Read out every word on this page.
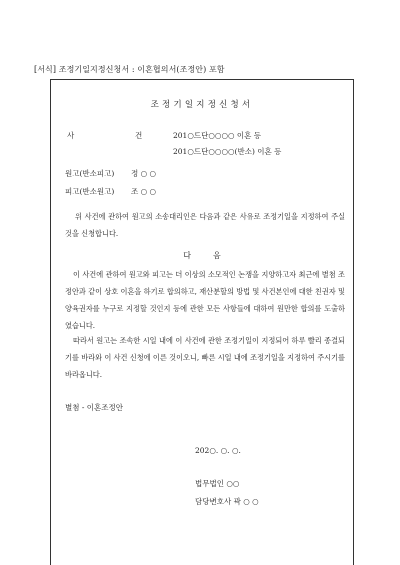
[서식] 조정기일지정신청서 : 이혼협의서(조정안) 포함
조정기일지정신청서
사	건	201○드단○○○○ 이혼 등
201○드단○○○○(반소) 이혼 등
원고(반소피고) 정 ○ ○
피고(반소원고) 조 ○ ○
위 사건에 관하여 원고의 소송대리인은 다음과 같은 사유로 조정기일을 지정하여 주실 것을 신청합니다.
다	음
이 사건에 관하여 원고와 피고는 더 이상의 소모적인 논쟁을 지양하고자 최근에 별첨 조정안과 같이 상호 이혼을 하기로 합의하고, 재산분할의 방법 및 사건본인에 대한 친권자 및 양육권자를 누구로 지정할 것인지 등에 관한 모든 사항들에 대하여 원만한 합의를 도출하였습니다.
따라서 원고는 조속한 시일 내에 이 사건에 관한 조정기일이 지정되어 하루 빨리 종결되기를 바라와 이 사건 신청에 이른 것이오니, 빠른 시일 내에 조정기일을 지정하여 주시기를 바라옵니다.
별첨 - 이혼조정안
202○. ○. ○.
법무법인 ○○
담당변호사 곽 ○ ○
